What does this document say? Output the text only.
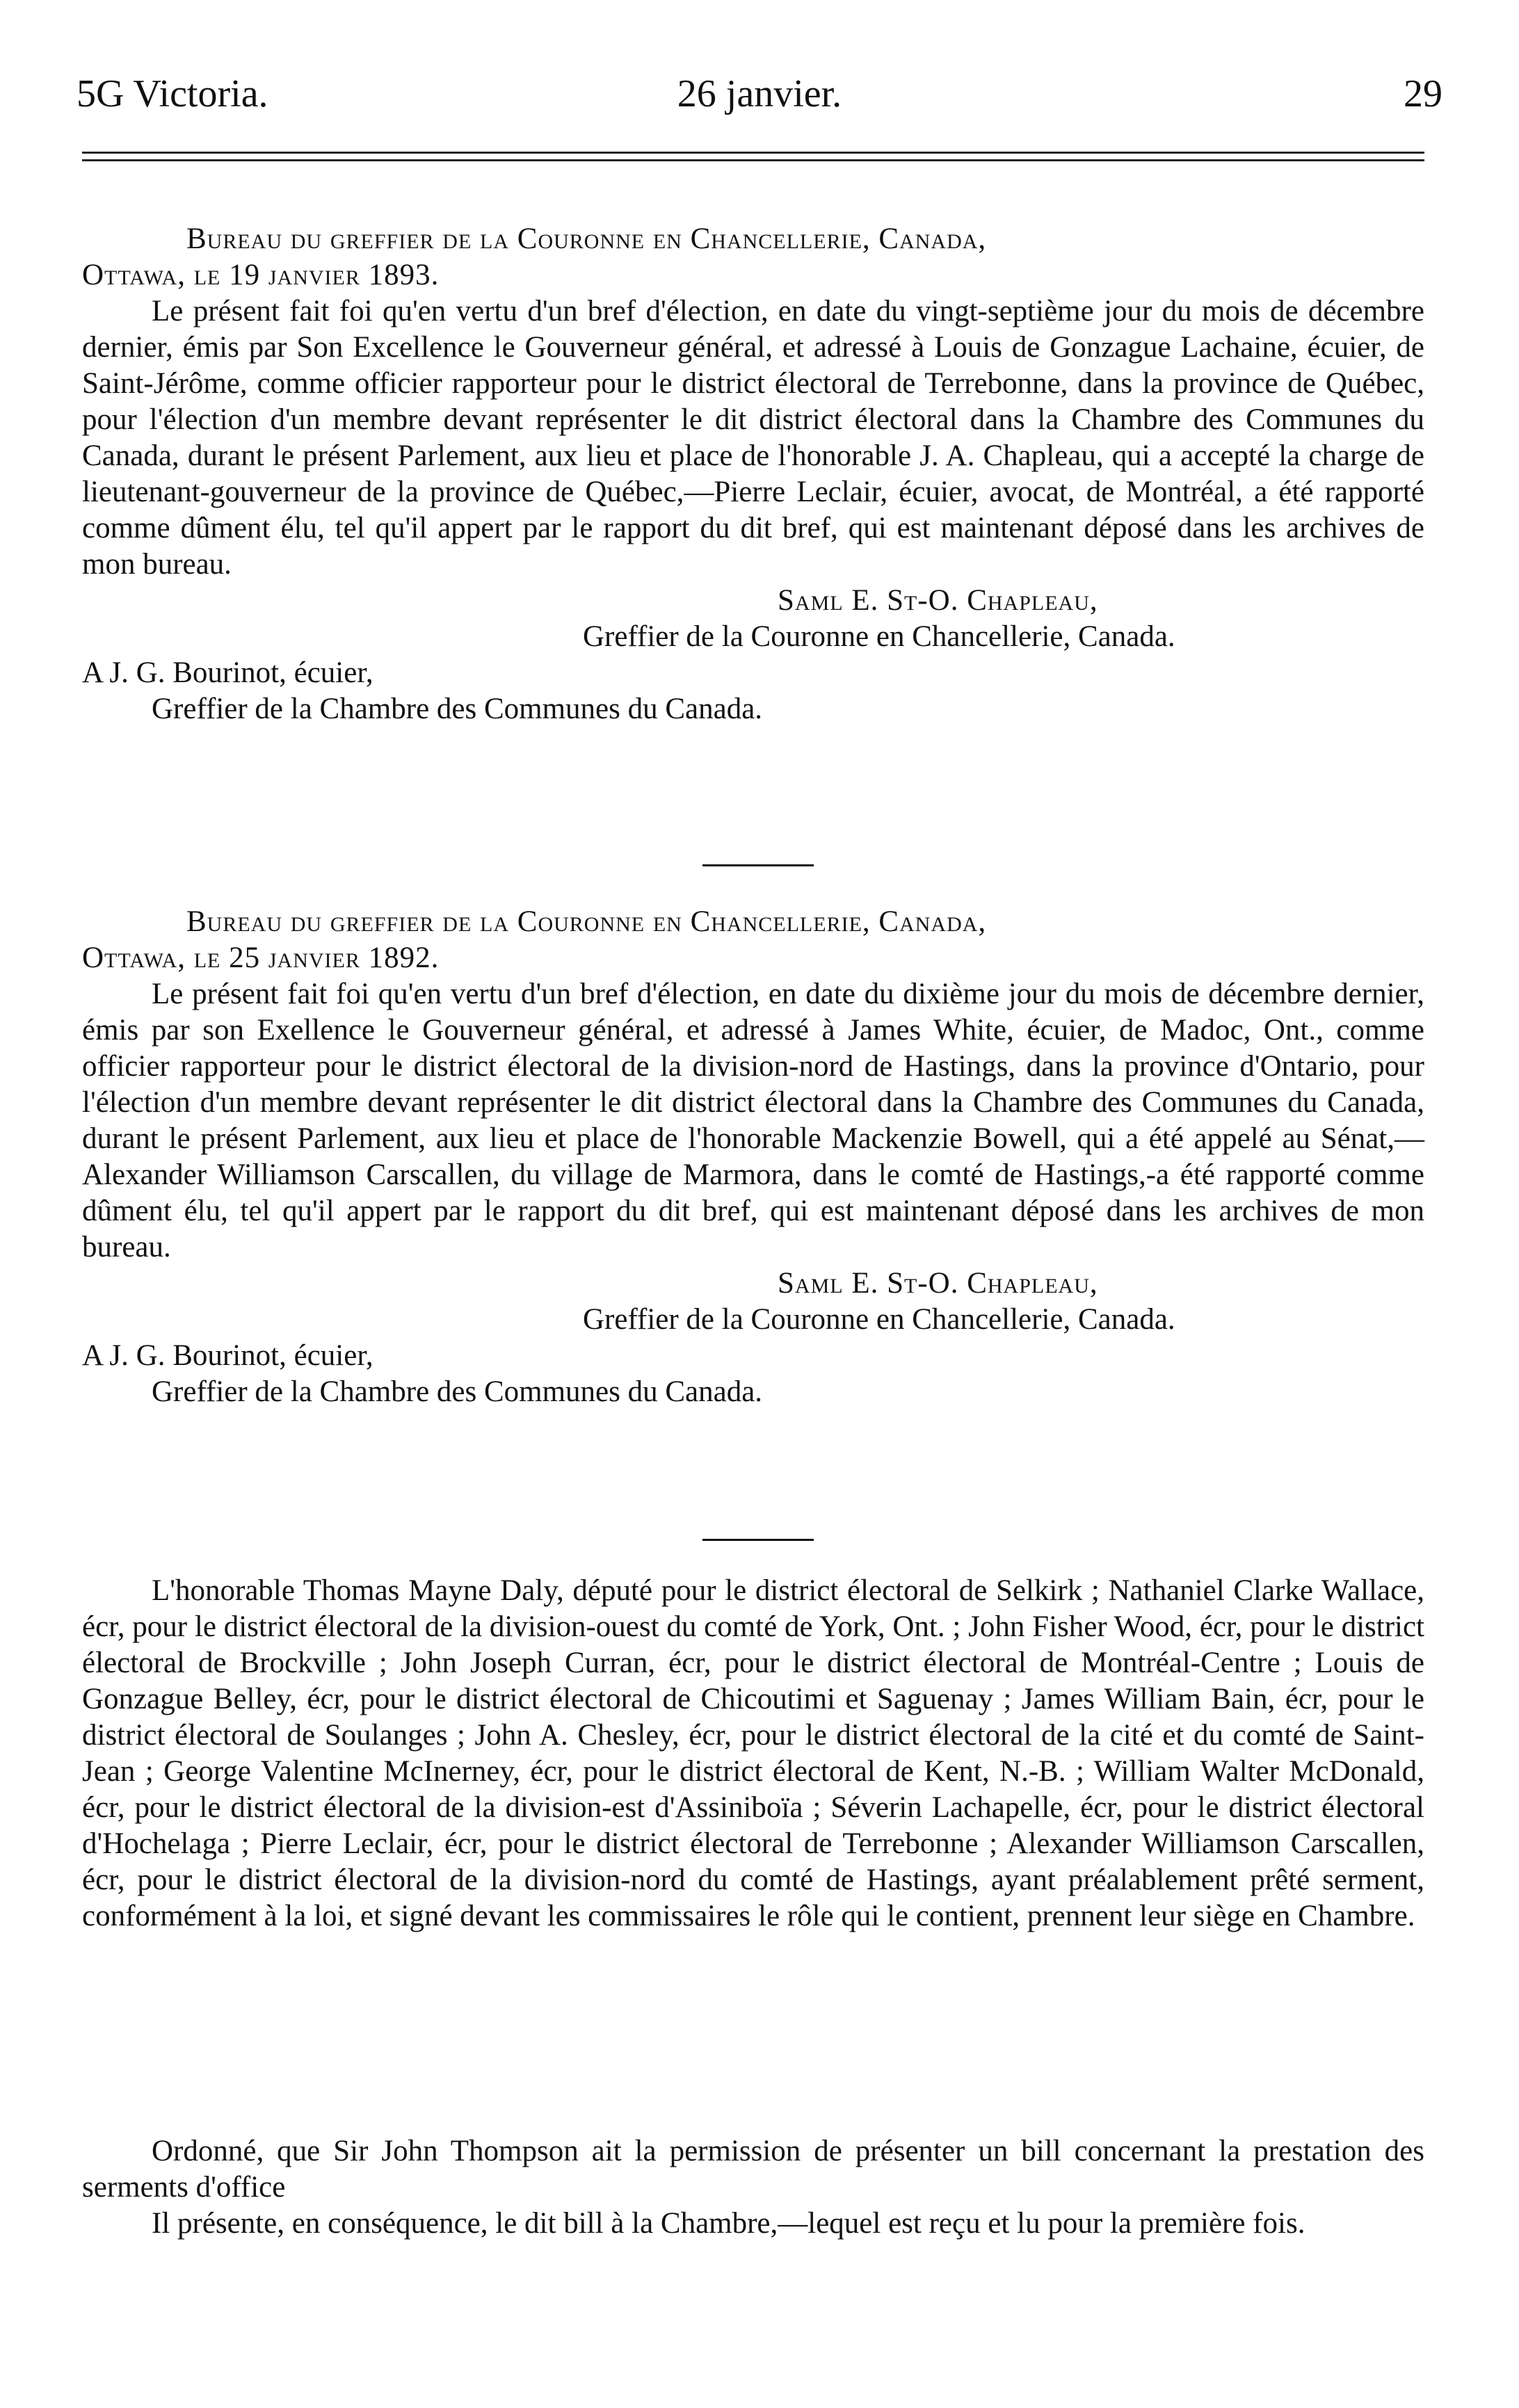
5G Victoria.	26 janvier.	29

Bureau du greffier de la Couronne en Chancellerie, Canada,

Ottawa, le 19 janvier 1893.

Le présent fait foi qu'en vertu d'un bref d'élection, en date du vingt-septième jour du mois de décembre dernier, émis par Son Excellence le Gouverneur général, et adressé à Louis de Gonzague Lachaine, écuier, de Saint-Jérôme, comme officier rapporteur pour le district électoral de Terrebonne, dans la province de Québec, pour l'élection d'un membre devant représenter le dit district électoral dans la Chambre des Communes du Canada, durant le présent Parlement, aux lieu et place de l'honorable J. A. Chapleau, qui a accepté la charge de lieutenant-gouverneur de la province de Québec,—Pierre Leclair, écuier, avocat, de Montréal, a été rapporté comme dûment élu, tel qu'il appert par le rapport du dit bref, qui est maintenant déposé dans les archives de mon bureau.

Saml E. St-O. Chapleau,

Greffier de la Couronne en Chancellerie, Canada.

A J. G. Bourinot, écuier,

Greffier de la Chambre des Communes du Canada.

Bureau du greffier de la Couronne en Chancellerie, Canada,

Ottawa, le 25 janvier 1892.

Le présent fait foi qu'en vertu d'un bref d'élection, en date du dixième jour du mois de décembre dernier, émis par son Exellence le Gouverneur général, et adressé à James White, écuier, de Madoc, Ont., comme officier rapporteur pour le district électoral de la division-nord de Hastings, dans la province d'Ontario, pour l'élection d'un membre devant représenter le dit district électoral dans la Chambre des Communes du Canada, durant le présent Parlement, aux lieu et place de l'honorable Mackenzie Bowell, qui a été appelé au Sénat,—Alexander Williamson Carscallen, du village de Marmora, dans le comté de Hastings,-a été rapporté comme dûment élu, tel qu'il appert par le rapport du dit bref, qui est maintenant déposé dans les archives de mon bureau.

Saml E. St-O. Chapleau,

Greffier de la Couronne en Chancellerie, Canada.

A J. G. Bourinot, écuier,

Greffier de la Chambre des Communes du Canada.

L'honorable Thomas Mayne Daly, député pour le district électoral de Selkirk ; Nathaniel Clarke Wallace, écr, pour le district électoral de la division-ouest du comté de York, Ont. ; John Fisher Wood, écr, pour le district électoral de Brockville ; John Joseph Curran, écr, pour le district électoral de Montréal-Centre ; Louis de Gonzague Belley, écr, pour le district électoral de Chicoutimi et Saguenay ; James William Bain, écr, pour le district électoral de Soulanges ; John A. Chesley, écr, pour le district électoral de la cité et du comté de Saint-Jean ; George Valentine McInerney, écr, pour le district électoral de Kent, N.-B. ; William Walter McDonald, écr, pour le district électoral de la division-est d'Assiniboïa ; Séverin Lachapelle, écr, pour le district électoral d'Hochelaga ; Pierre Leclair, écr, pour le district électoral de Terrebonne ; Alexander Williamson Carscallen, écr, pour le district électoral de la division-nord du comté de Hastings, ayant préalablement prêté serment, conformément à la loi, et signé devant les commissaires le rôle qui le contient, prennent leur siège en Chambre.

Ordonné, que Sir John Thompson ait la permission de présenter un bill concernant la prestation des serments d'office

Il présente, en conséquence, le dit bill à la Chambre,—lequel est reçu et lu pour la première fois.
